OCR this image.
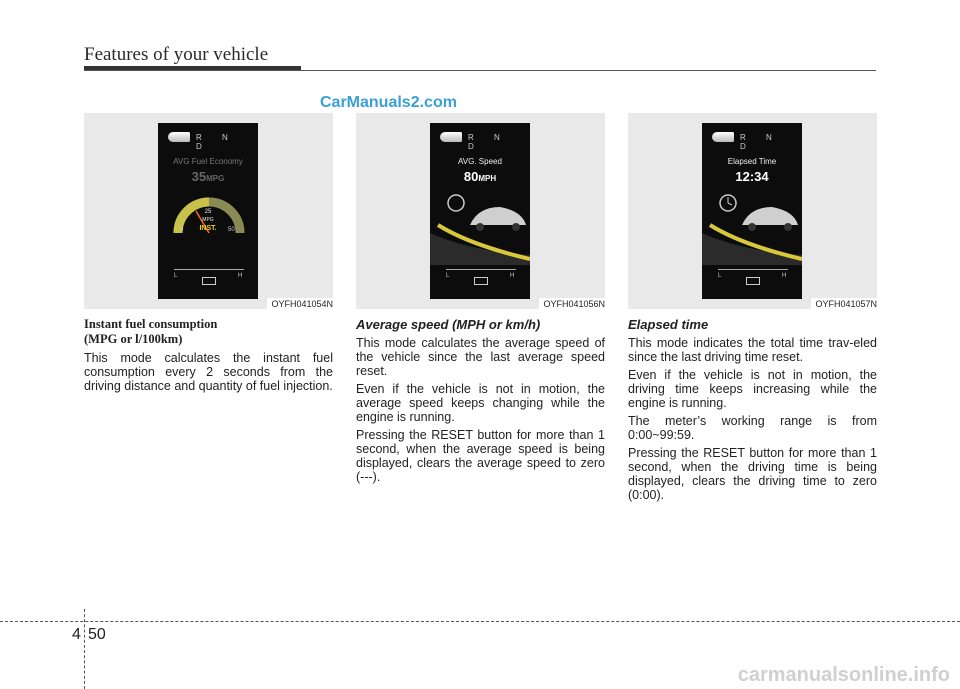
Features of your vehicle
CarManuals2.com
R N D
AVG Fuel Economy
35MPG
25
MPG
INST.
0	50
L	H
OYFH041054N
Instant fuel consumption
(MPG or l/100km)

This mode calculates the instant fuel consumption every 2 seconds from the driving distance and quantity of fuel injection.

R N D
AVG. Speed
80MPH
L	H
OYFH041056N
Average speed (MPH or km/h)

This mode calculates the average speed of the vehicle since the last average speed reset.

Even if the vehicle is not in motion, the average speed keeps changing while the engine is running.

Pressing the RESET button for more than 1 second, when the average speed is being displayed, clears the average speed to zero (---).

R N D
Elapsed Time
12:34
L	H
OYFH041057N
Elapsed time

This mode indicates the total time trav-eled since the last driving time reset.

Even if the vehicle is not in motion, the driving time keeps increasing while the engine is running.

The meter’s working range is from 0:00~99:59.

Pressing the RESET button for more than 1 second, when the driving time is being displayed, clears the driving time to zero (0:00).

4 50
carmanualsonline.info
